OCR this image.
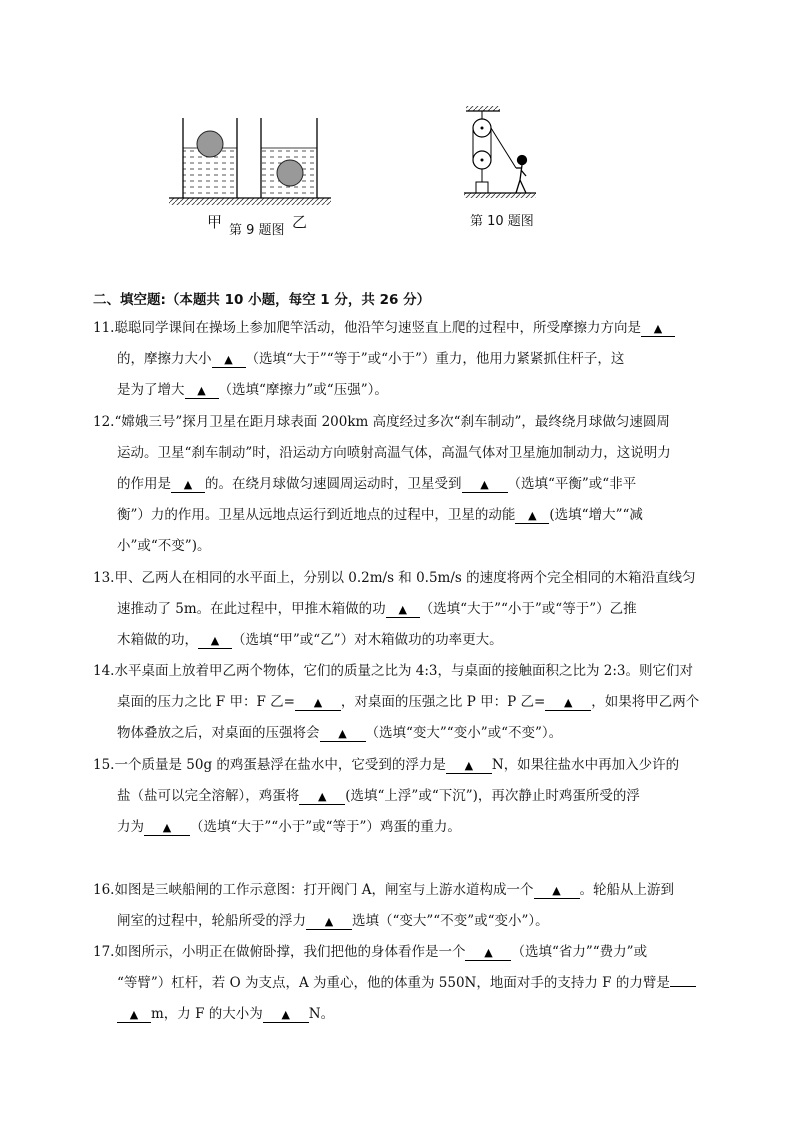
甲 第 9 题图 乙	第 10 题图
二、填空题:（本题共 10 小题，每空 1 分，共 26 分）
11.聪聪同学课间在操场上参加爬竿活动，他沿竿匀速竖直上爬的过程中，所受摩擦力方向是 ▲
的，摩擦力大小 ▲ （选填“大于”“等于”或“小于”）重力，他用力紧紧抓住杆子，这
是为了增大 ▲ （选填“摩擦力”或“压强”）。
12.“嫦娥三号”探月卫星在距月球表面 200km 高度经过多次“刹车制动”，最终绕月球做匀速圆周
运动。卫星“刹车制动”时，沿运动方向喷射高温气体，高温气体对卫星施加制动力，这说明力
的作用是 ▲ 的。在绕月球做匀速圆周运动时，卫星受到 ▲ （选填“平衡”或“非平
衡”）力的作用。卫星从远地点运行到近地点的过程中，卫星的动能 ▲ (选填“增大”“减
小”或“不变”)。
13.甲、乙两人在相同的水平面上，分别以 0.2m/s 和 0.5m/s 的速度将两个完全相同的木箱沿直线匀
速推动了 5m。在此过程中，甲推木箱做的功 ▲ （选填“大于”“小于”或“等于”）乙推
木箱做的功， ▲ （选填“甲”或“乙”）对木箱做功的功率更大。
14.水平桌面上放着甲乙两个物体，它们的质量之比为 4:3，与桌面的接触面积之比为 2:3。则它们对
桌面的压力之比 F 甲：F 乙= ▲ ，对桌面的压强之比 P 甲：P 乙= ▲ ，如果将甲乙两个
物体叠放之后，对桌面的压强将会 ▲ （选填“变大”“变小”或“不变”）。
15.一个质量是 50g 的鸡蛋悬浮在盐水中，它受到的浮力是 ▲ N，如果往盐水中再加入少许的
盐（盐可以完全溶解），鸡蛋将 ▲ (选填“上浮”或“下沉”)，再次静止时鸡蛋所受的浮
力为 ▲ （选填“大于”“小于”或“等于”）鸡蛋的重力。
16.如图是三峡船闸的工作示意图：打开阀门 A，闸室与上游水道构成一个 ▲ 。轮船从上游到
闸室的过程中，轮船所受的浮力 ▲ 选填（“变大”“不变”或“变小”）。
17.如图所示，小明正在做俯卧撑，我们把他的身体看作是一个 ▲ （选填“省力”“费力”或
“等臂”）杠杆，若 O 为支点，A 为重心，他的体重为 550N，地面对手的支持力 F 的力臂是
▲ m，力 F 的大小为 ▲ N。
